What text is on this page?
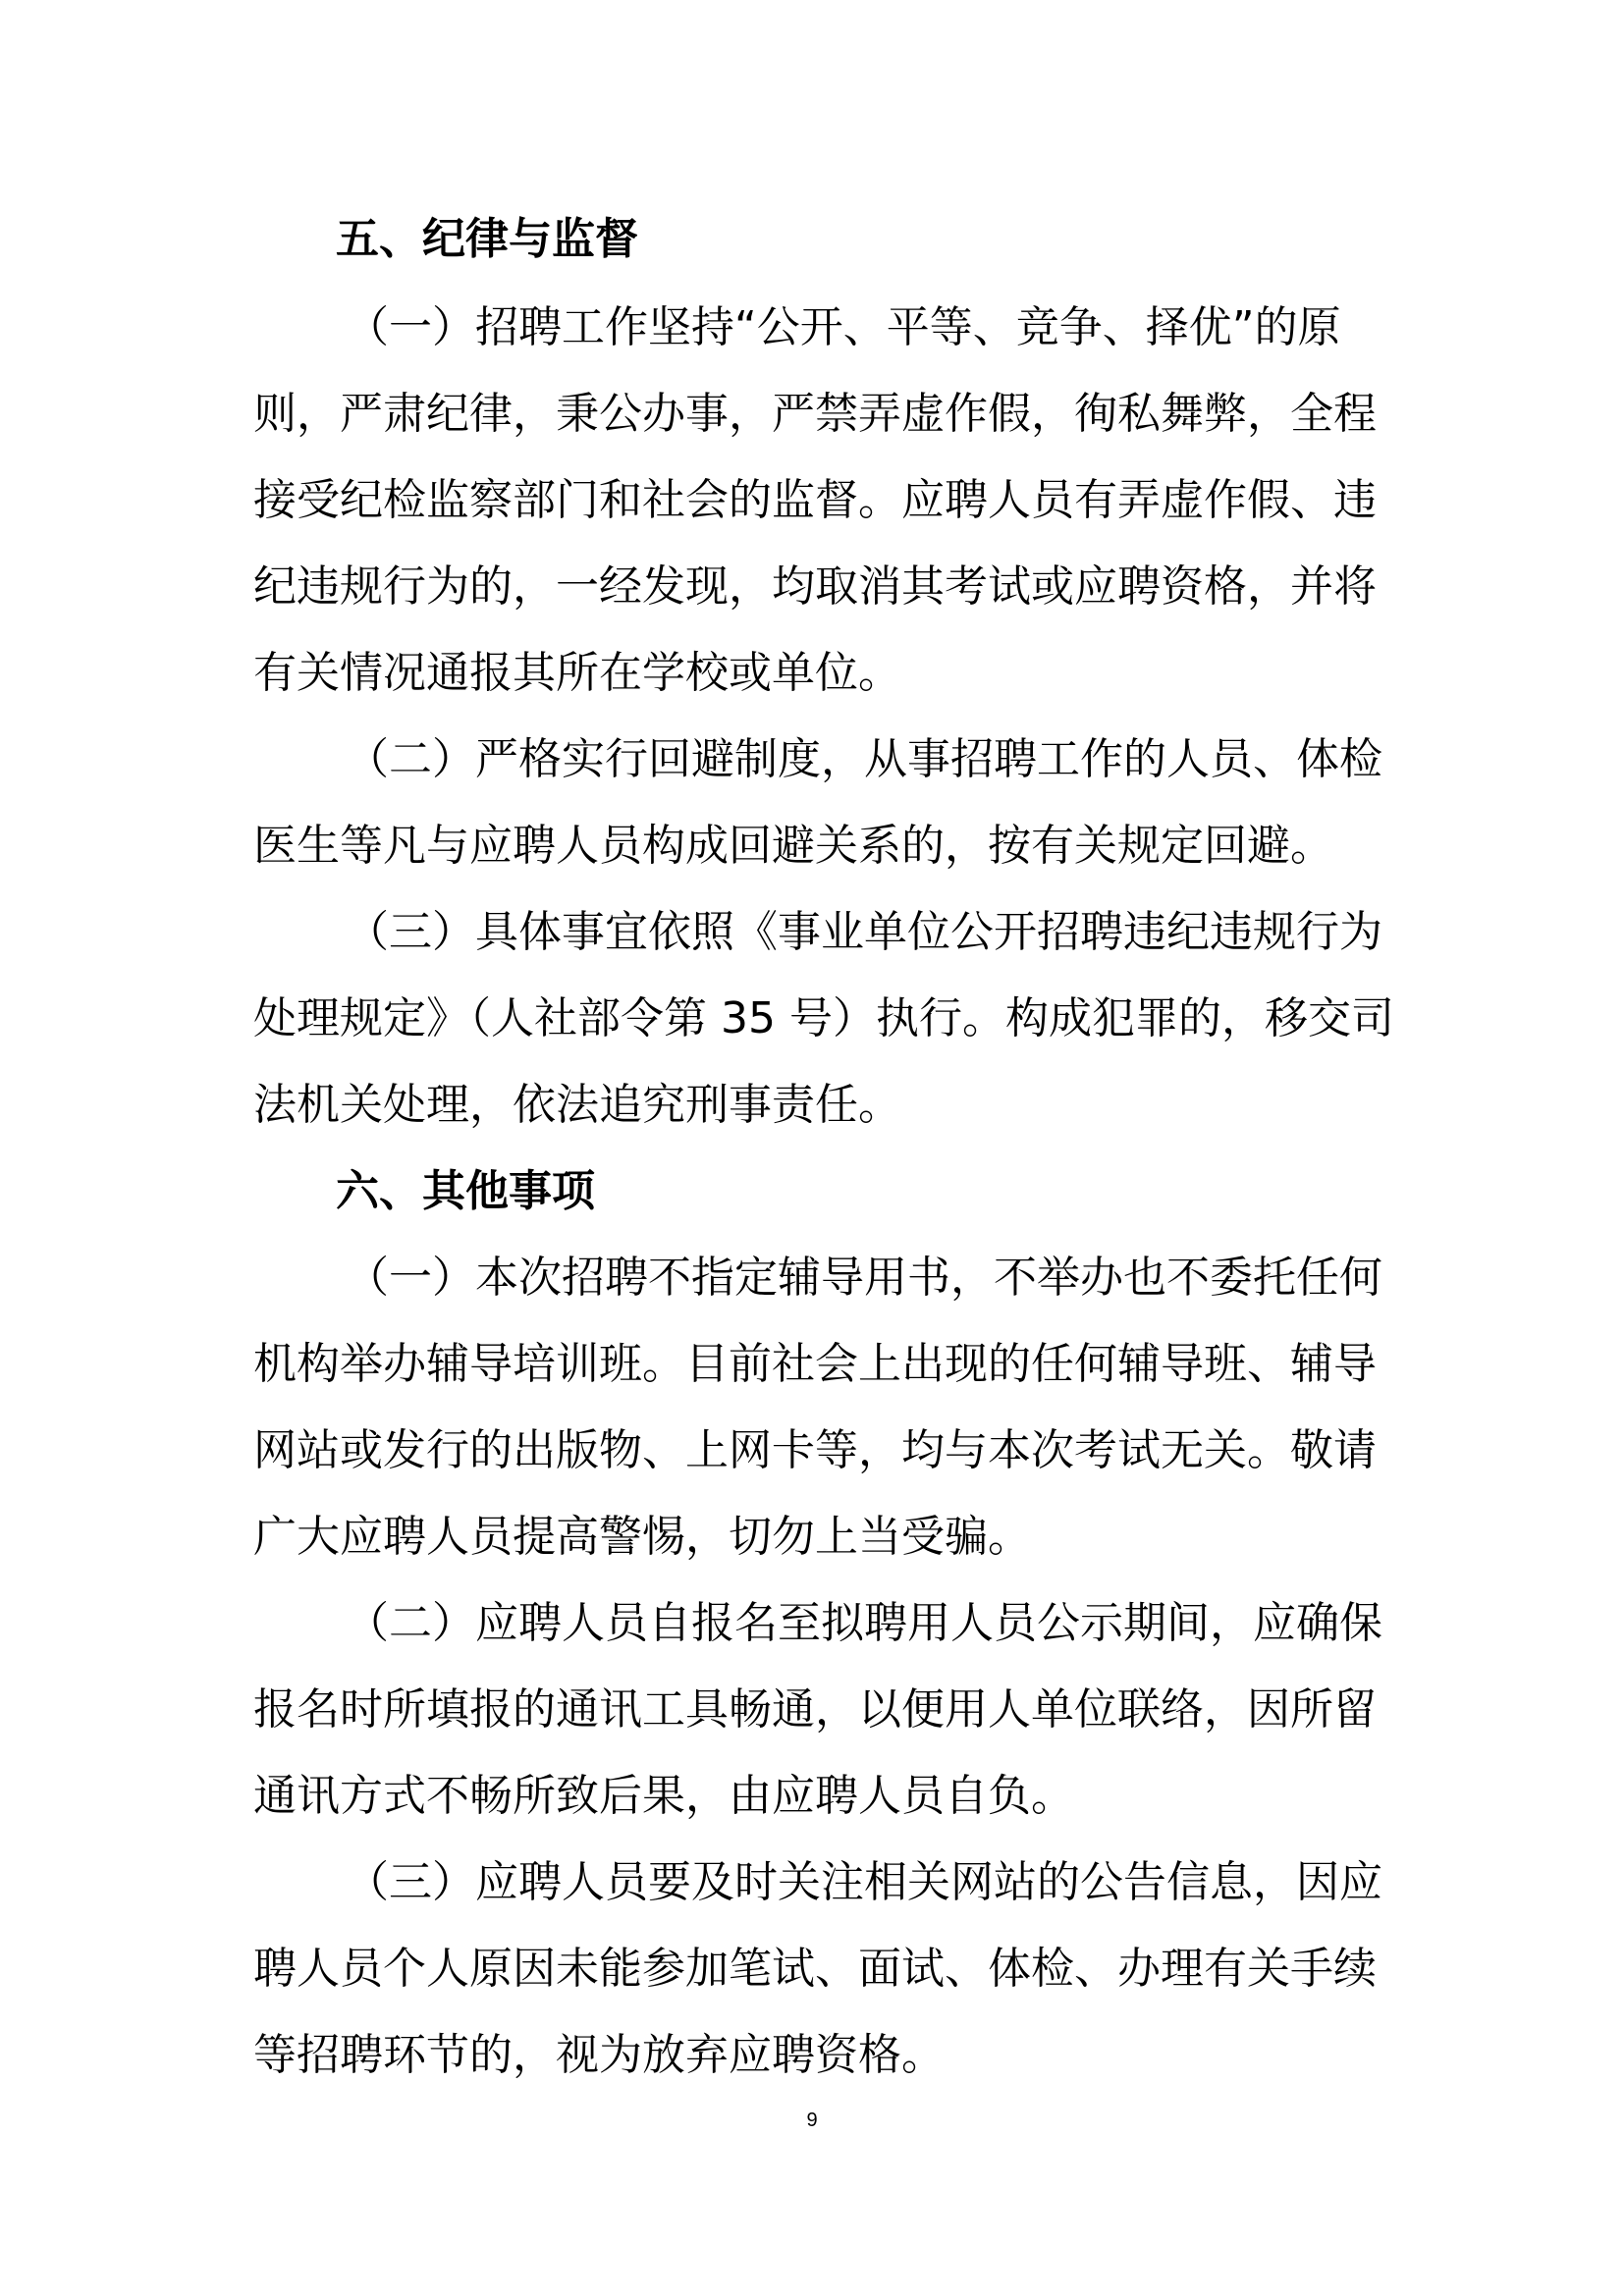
五、纪律与监督
（一）招聘工作坚持“公开、平等、竞争、择优”的原
则，严肃纪律，秉公办事，严禁弄虚作假，徇私舞弊，全程
接受纪检监察部门和社会的监督。应聘人员有弄虚作假、违
纪违规行为的，一经发现，均取消其考试或应聘资格，并将
有关情况通报其所在学校或单位。
（二）严格实行回避制度，从事招聘工作的人员、体检
医生等凡与应聘人员构成回避关系的，按有关规定回避。
（三）具体事宜依照《事业单位公开招聘违纪违规行为
处理规定》（人社部令第 35 号）执行。构成犯罪的，移交司
法机关处理，依法追究刑事责任。
六、其他事项
（一）本次招聘不指定辅导用书，不举办也不委托任何
机构举办辅导培训班。目前社会上出现的任何辅导班、辅导
网站或发行的出版物、上网卡等，均与本次考试无关。敬请
广大应聘人员提高警惕，切勿上当受骗。
（二）应聘人员自报名至拟聘用人员公示期间，应确保
报名时所填报的通讯工具畅通，以便用人单位联络，因所留
通讯方式不畅所致后果，由应聘人员自负。
（三）应聘人员要及时关注相关网站的公告信息，因应
聘人员个人原因未能参加笔试、面试、体检、办理有关手续
等招聘环节的，视为放弃应聘资格。
9
